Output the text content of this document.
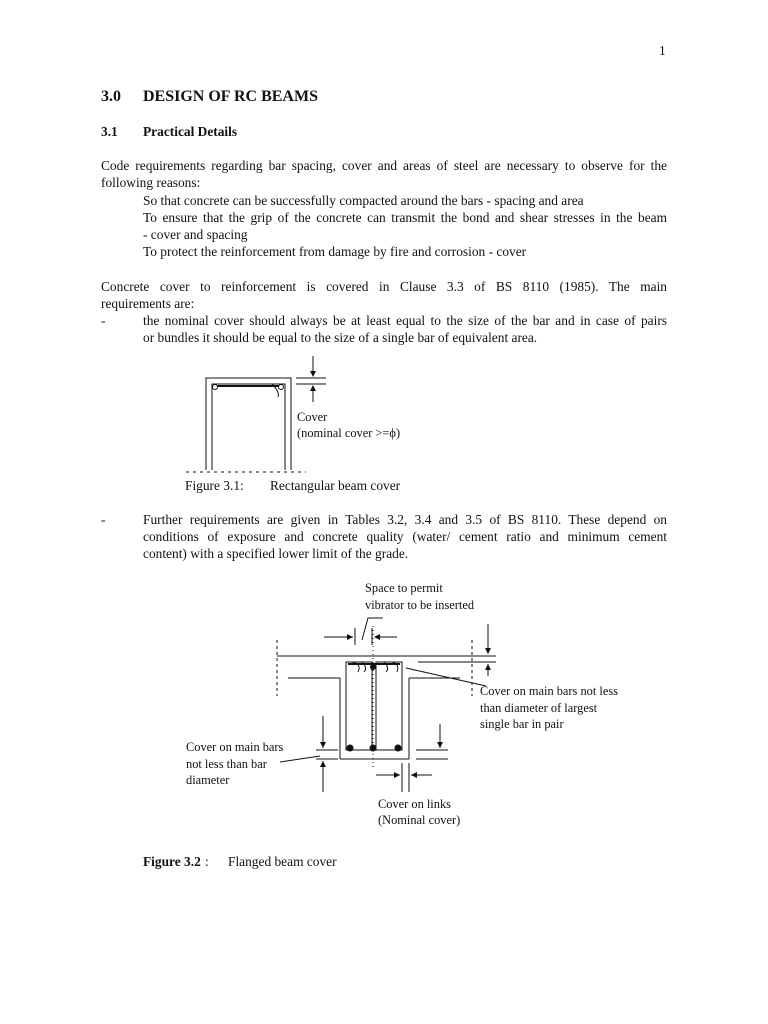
1
3.0 DESIGN OF RC BEAMS
3.1 Practical Details
Code requirements regarding bar spacing, cover and areas of steel are necessary to observe for the
following reasons:
So that concrete can be successfully compacted around the bars - spacing and area
To ensure that the grip of the concrete can transmit the bond and shear stresses in the beam
- cover and spacing
To protect the reinforcement from damage by fire and corrosion - cover
Concrete cover to reinforcement is covered in Clause 3.3 of BS 8110 (1985). The main
requirements are:
-	the nominal cover should always be at least equal to the size of the bar and in case of pairs
or bundles it should be equal to the size of a single bar of equivalent area.
Cover
(nominal cover >=ϕ)
Figure 3.1: Rectangular beam cover
-	Further requirements are given in Tables 3.2, 3.4 and 3.5 of BS 8110. These depend on
conditions of exposure and concrete quality (water/ cement ratio and minimum cement
content) with a specified lower limit of the grade.
Space to permit
vibrator to be inserted
Cover on main bars not less
than diameter of largest
single bar in pair
Cover on main bars
not less than bar
diameter
Cover on links
(Nominal cover)
Figure 3.2 : Flanged beam cover
